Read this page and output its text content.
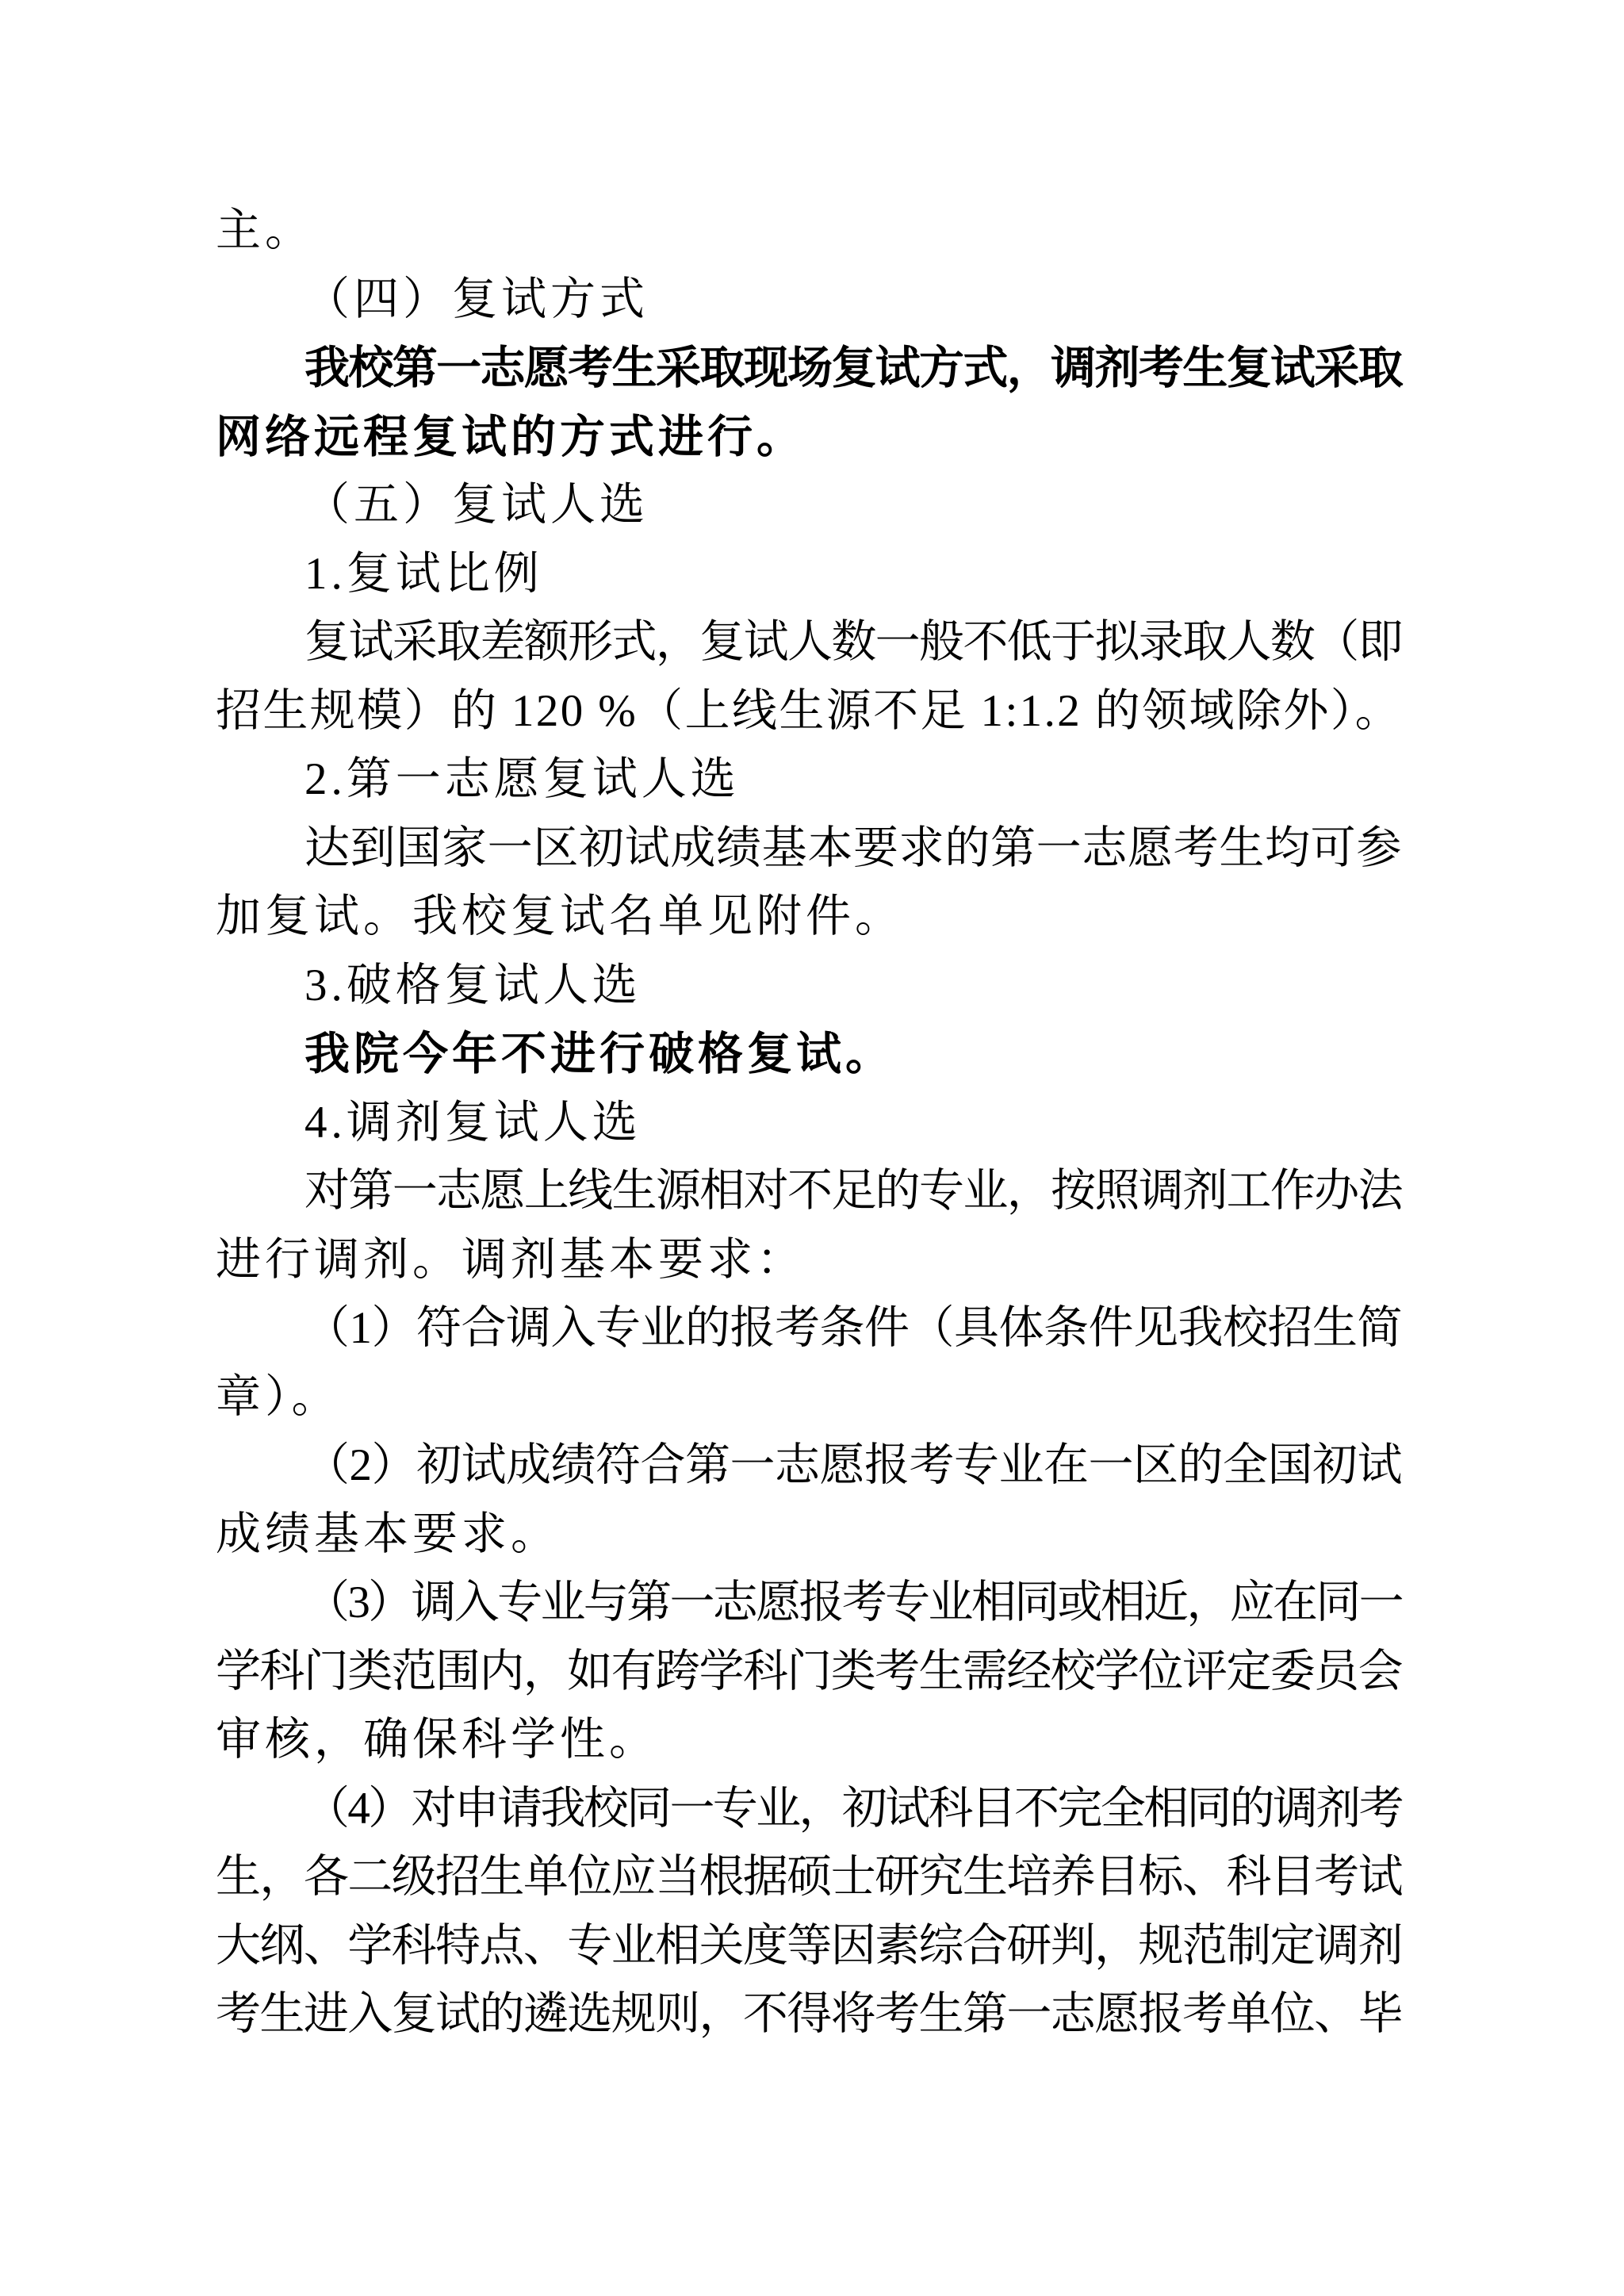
主。
（四）复试方式
我校第一志愿考生采取现场复试方式，调剂考生复试采取
网络远程复试的方式进行。
（五）复试人选
1.复试比例
复试采取差额形式，复试人数一般不低于拟录取人数（即
招生规模）的 120 %（上线生源不足 1:1.2 的领域除外）。
2.第一志愿复试人选
达到国家一区初试成绩基本要求的第一志愿考生均可参
加复试。我校复试名单见附件。
3.破格复试人选
我院今年不进行破格复试。
4.调剂复试人选
对第一志愿上线生源相对不足的专业，按照调剂工作办法
进行调剂。调剂基本要求：
（1）符合调入专业的报考条件（具体条件见我校招生简
章）。
（2）初试成绩符合第一志愿报考专业在一区的全国初试
成绩基本要求。
（3）调入专业与第一志愿报考专业相同或相近，应在同一
学科门类范围内，如有跨学科门类考生需经校学位评定委员会
审核，确保科学性。
（4）对申请我校同一专业，初试科目不完全相同的调剂考
生，各二级招生单位应当根据硕士研究生培养目标、科目考试
大纲、学科特点、专业相关度等因素综合研判，规范制定调剂
考生进入复试的遴选规则，不得将考生第一志愿报考单位、毕
